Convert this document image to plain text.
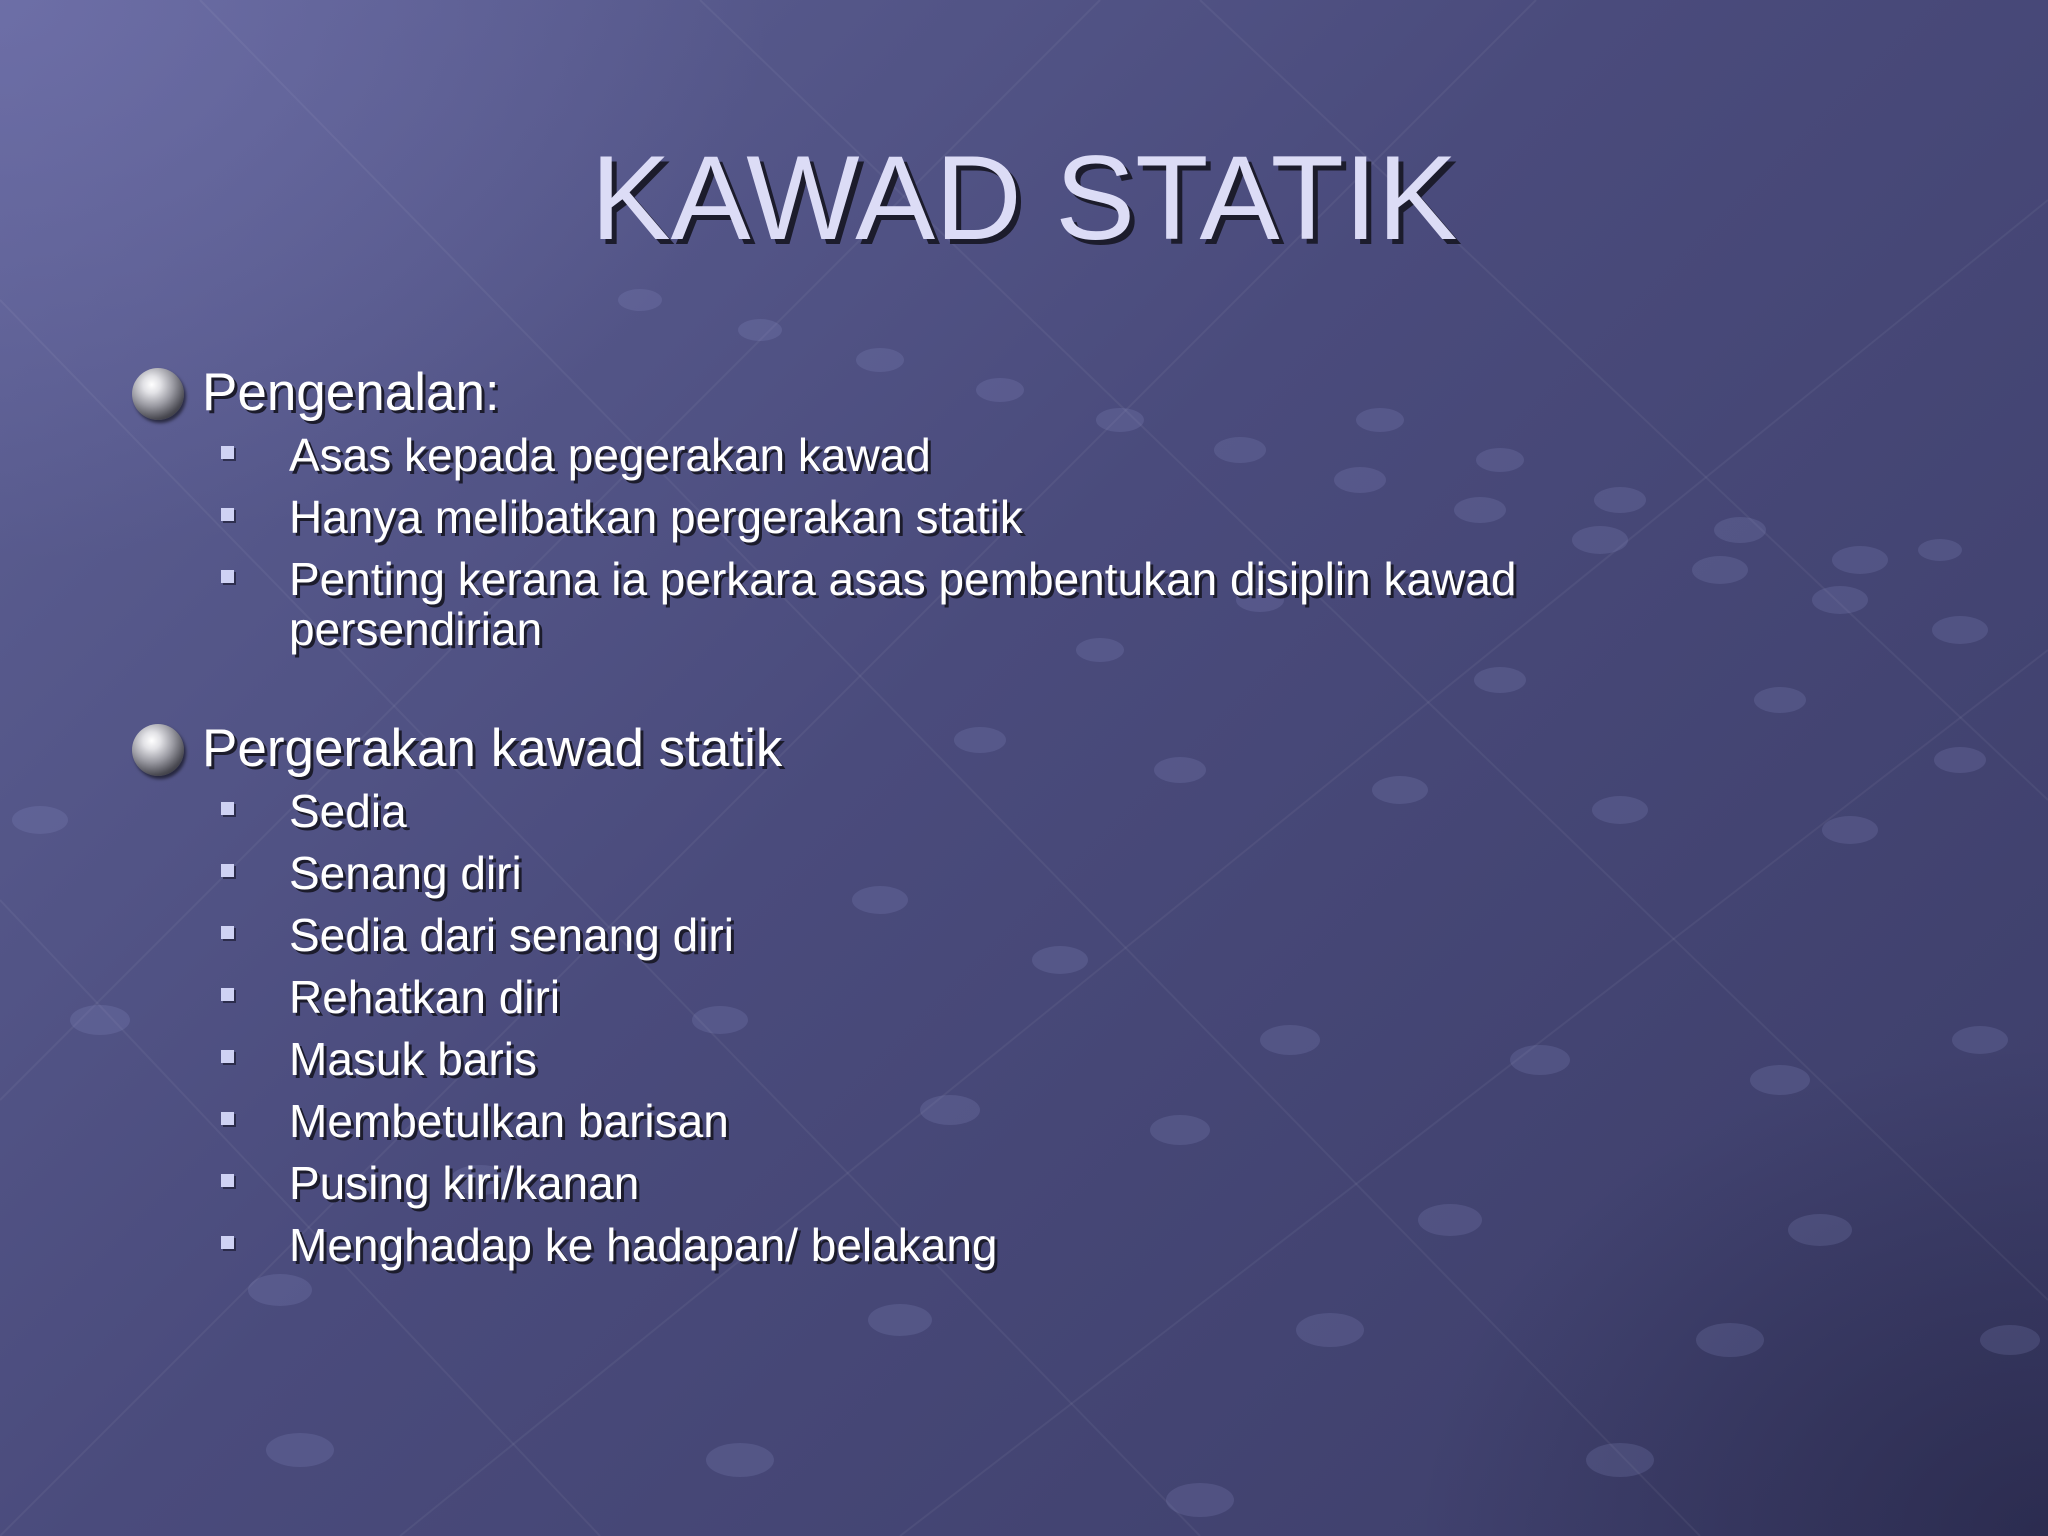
KAWAD STATIK
Pengenalan:
Asas kepada pegerakan kawad
Hanya melibatkan pergerakan statik
Penting kerana ia perkara asas pembentukan disiplin kawad persendirian
Pergerakan kawad statik
Sedia
Senang diri
Sedia dari senang diri
Rehatkan diri
Masuk baris
Membetulkan barisan
Pusing kiri/kanan
Menghadap ke hadapan/ belakang
